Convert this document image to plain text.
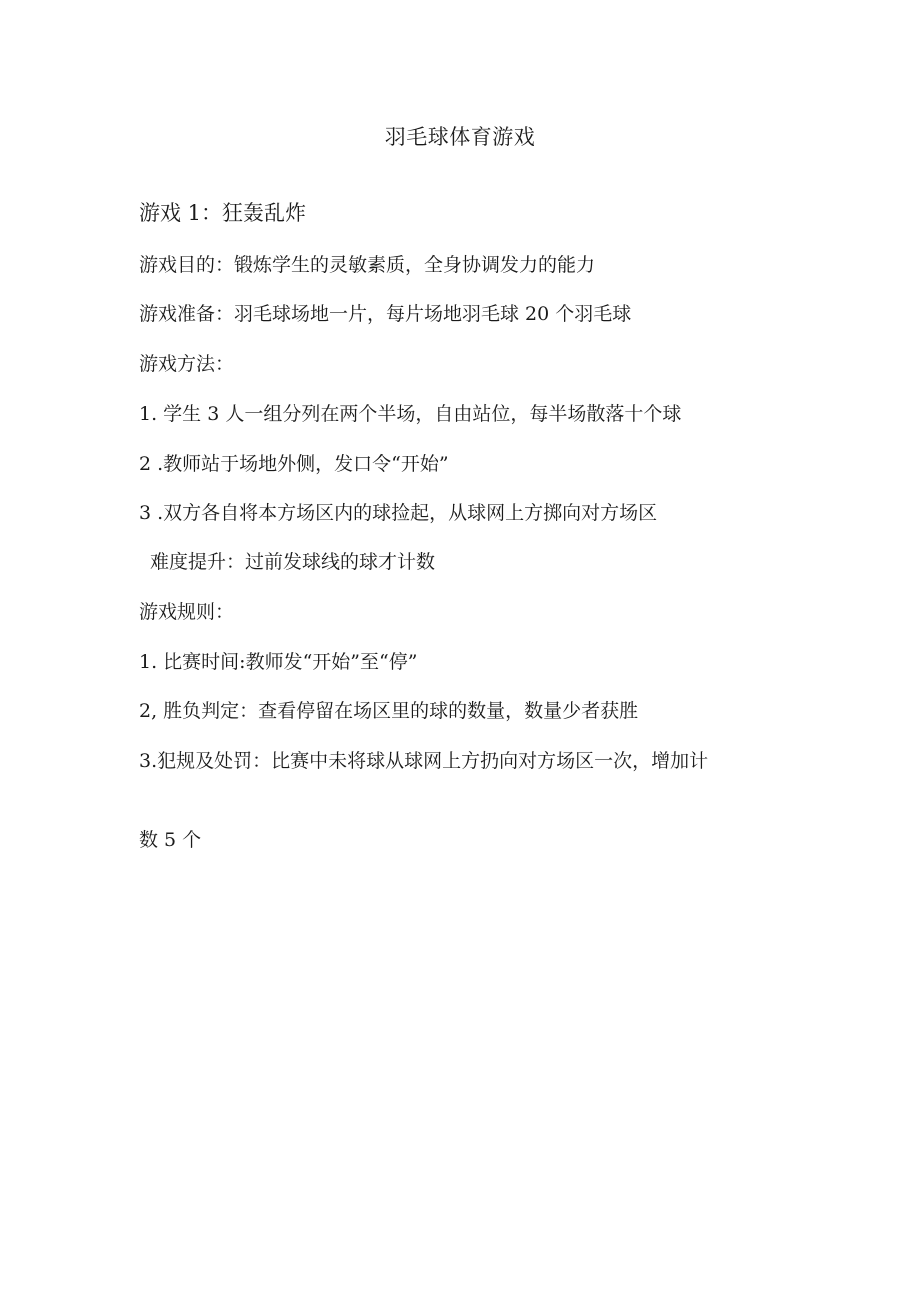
羽毛球体育游戏
游戏 1：狂轰乱炸
游戏目的：锻炼学生的灵敏素质，全身协调发力的能力
游戏准备：羽毛球场地一片，每片场地羽毛球 20 个羽毛球
游戏方法：
1. 学生 3 人一组分列在两个半场，自由站位，每半场散落十个球
2 .教师站于场地外侧，发口令“开始”
3 .双方各自将本方场区内的球捡起，从球网上方掷向对方场区
难度提升：过前发球线的球才计数
游戏规则：
1. 比赛时间:教师发“开始”至“停”
2, 胜负判定：查看停留在场区里的球的数量，数量少者获胜
3.犯规及处罚：比赛中未将球从球网上方扔向对方场区一次，增加计
数 5 个
